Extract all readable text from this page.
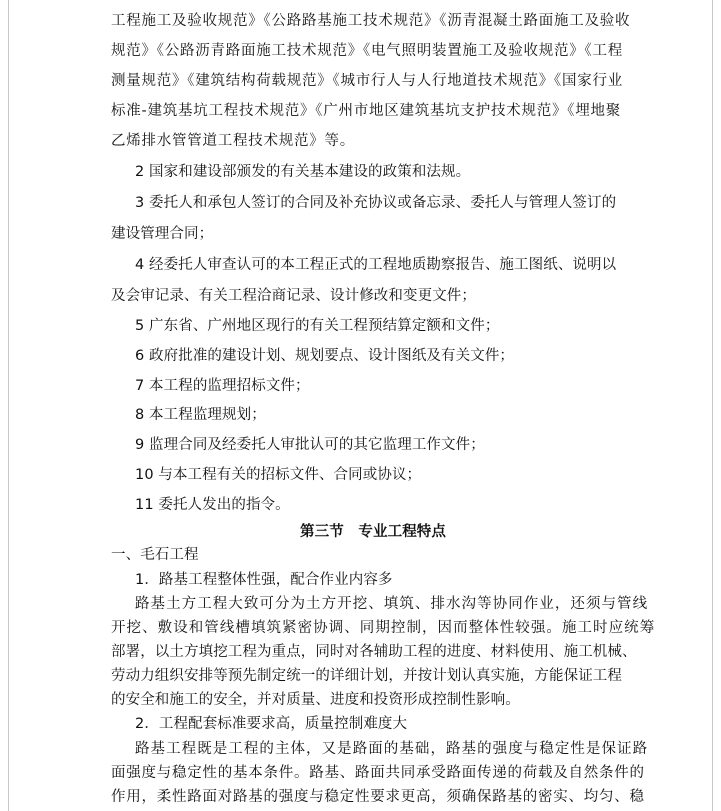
工程施工及验收规范》《公路路基施工技术规范》《沥青混凝土路面施工及验收
规范》《公路沥青路面施工技术规范》《电气照明装置施工及验收规范》《工程
测量规范》《建筑结构荷载规范》《城市行人与人行地道技术规范》《国家行业
标准-建筑基坑工程技术规范》《广州市地区建筑基坑支护技术规范》《埋地聚
乙烯排水管管道工程技术规范》等。
2 国家和建设部颁发的有关基本建设的政策和法规。
3 委托人和承包人签订的合同及补充协议或备忘录、委托人与管理人签订的
建设管理合同；
4 经委托人审查认可的本工程正式的工程地质勘察报告、施工图纸、说明以
及会审记录、有关工程洽商记录、设计修改和变更文件；
5 广东省、广州地区现行的有关工程预结算定额和文件；
6 政府批准的建设计划、规划要点、设计图纸及有关文件；
7 本工程的监理招标文件；
8 本工程监理规划；
9 监理合同及经委托人审批认可的其它监理工作文件；
10 与本工程有关的招标文件、合同或协议；
11 委托人发出的指令。
第三节　专业工程特点
一、毛石工程
1．路基工程整体性强，配合作业内容多
路基土方工程大致可分为土方开挖、填筑、排水沟等协同作业，还须与管线
开挖、敷设和管线槽填筑紧密协调、同期控制，因而整体性较强。施工时应统筹
部署，以土方填挖工程为重点，同时对各辅助工程的进度、材料使用、施工机械、
劳动力组织安排等预先制定统一的详细计划，并按计划认真实施，方能保证工程
的安全和施工的安全，并对质量、进度和投资形成控制性影响。
2．工程配套标准要求高，质量控制难度大
路基工程既是工程的主体，又是路面的基础，路基的强度与稳定性是保证路
面强度与稳定性的基本条件。路基、路面共同承受路面传递的荷载及自然条件的
作用，柔性路面对路基的强度与稳定性要求更高，须确保路基的密实、均匀、稳
